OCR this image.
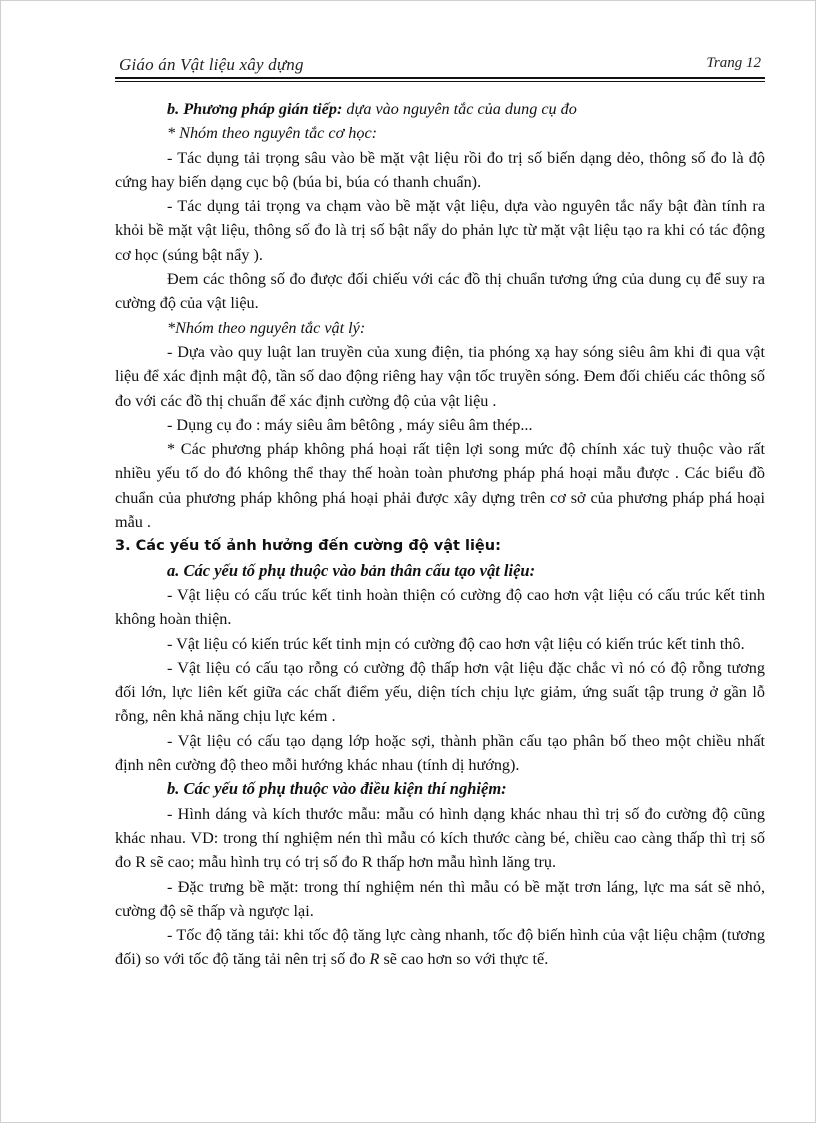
Giáo án Vật liệu xây dựng	Trang 12

b. Phương pháp gián tiếp: dựa vào nguyên tắc của dung cụ đo

* Nhóm theo nguyên tắc cơ học:

- Tác dụng tải trọng sâu vào bề mặt vật liệu rồi đo trị số biến dạng dẻo, thông số đo là độ cứng hay biến dạng cục bộ (búa bi, búa có thanh chuẩn).

- Tác dụng tải trọng va chạm vào bề mặt vật liệu, dựa vào nguyên tắc nẩy bật đàn tính ra khỏi bề mặt vật liệu, thông số đo là trị số bật nẩy do phản lực từ mặt vật liệu tạo ra khi có tác động cơ học (súng bật nẩy ).

Đem các thông số đo được đối chiếu với các đồ thị chuẩn tương ứng của dung cụ để suy ra cường độ của vật liệu.

*Nhóm theo nguyên tắc vật lý:

- Dựa vào quy luật lan truyền của xung điện, tia phóng xạ hay sóng siêu âm khi đi qua vật liệu để xác định mật độ, tần số dao động riêng hay vận tốc truyền sóng. Đem đối chiếu các thông số đo với các đồ thị chuẩn để xác định cường độ của vật liệu .

- Dụng cụ đo : máy siêu âm bêtông , máy siêu âm thép...

* Các phương pháp không phá hoại rất tiện lợi song mức độ chính xác tuỳ thuộc vào rất nhiều yếu tố do đó không thể thay thế hoàn toàn phương pháp phá hoại mẫu được . Các biểu đồ chuẩn của phương pháp không phá hoại phải được xây dựng trên cơ sở của phương pháp phá hoại mẫu .

3. Các yếu tố ảnh hưởng đến cường độ vật liệu:

a. Các yếu tố phụ thuộc vào bản thân cấu tạo vật liệu:

- Vật liệu có cấu trúc kết tinh hoàn thiện có cường độ cao hơn vật liệu có cấu trúc kết tinh không hoàn thiện.

- Vật liệu có kiến trúc kết tinh mịn có cường độ cao hơn vật liệu có kiến trúc kết tinh thô.

- Vật liệu có cấu tạo rỗng có cường độ thấp hơn vật liệu đặc chắc vì nó có độ rỗng tương đối lớn, lực liên kết giữa các chất điểm yếu, diện tích chịu lực giảm, ứng suất tập trung ở gần lỗ rỗng, nên khả năng chịu lực kém .

- Vật liệu có cấu tạo dạng lớp hoặc sợi, thành phần cấu tạo phân bố theo một chiều nhất định nên cường độ theo mỗi hướng khác nhau (tính dị hướng).

b. Các yếu tố phụ thuộc vào điều kiện thí nghiệm:

- Hình dáng và kích thước mẫu: mẫu có hình dạng khác nhau thì trị số đo cường độ cũng khác nhau. VD: trong thí nghiệm nén thì mẫu có kích thước càng bé, chiều cao càng thấp thì trị số đo R sẽ cao; mẫu hình trụ có trị số đo R thấp hơn mẫu hình lăng trụ.

- Đặc trưng bề mặt: trong thí nghiệm nén thì mẫu có bề mặt trơn láng, lực ma sát sẽ nhỏ, cường độ sẽ thấp và ngược lại.

- Tốc độ tăng tải: khi tốc độ tăng lực càng nhanh, tốc độ biến hình của vật liệu chậm (tương đối) so với tốc độ tăng tải nên trị số đo R sẽ cao hơn so với thực tế.
